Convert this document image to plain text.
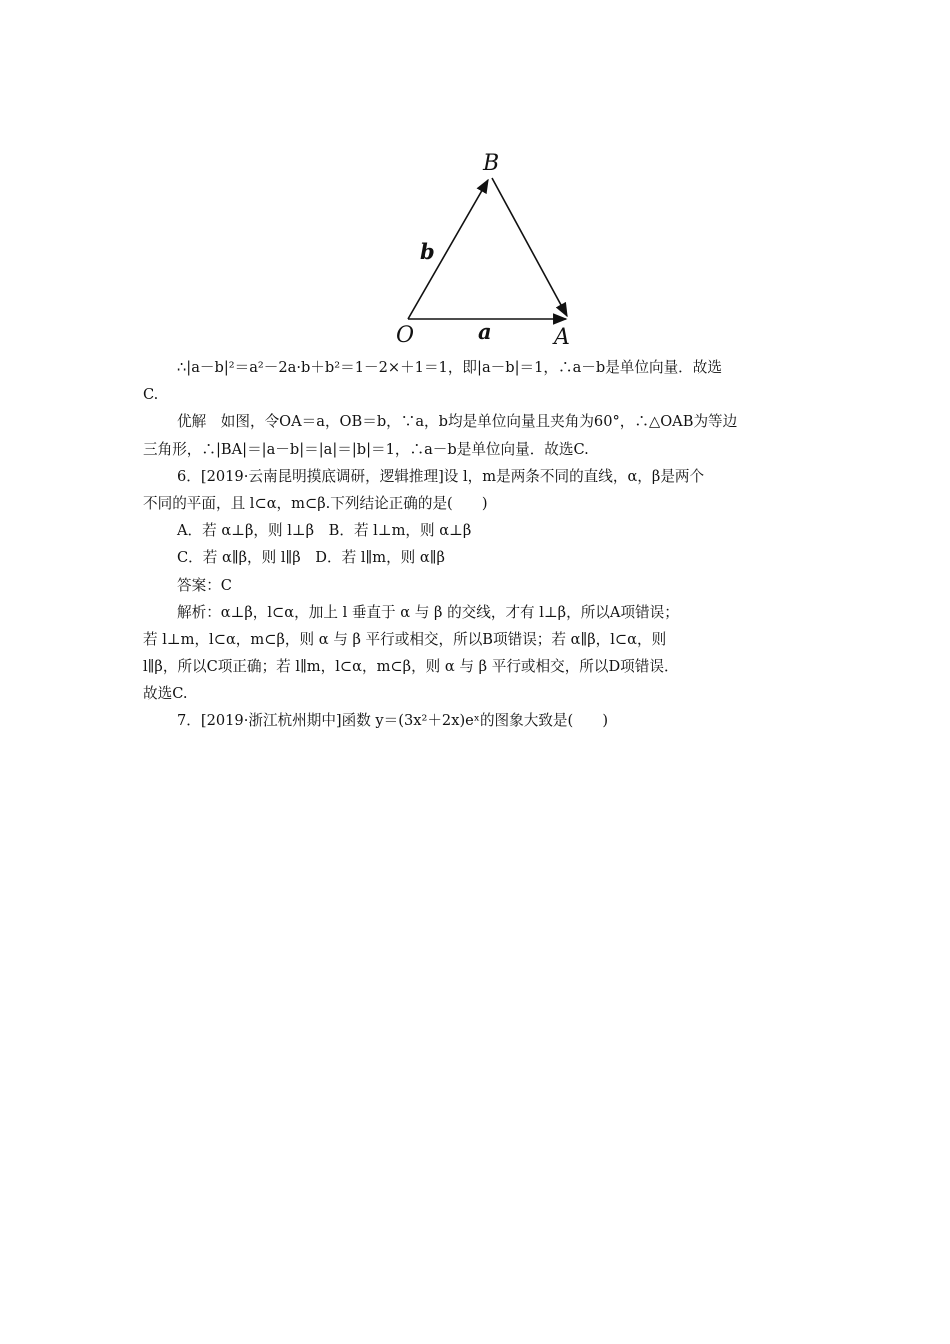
B
O	A
b
a
∴|a－b|²＝a²－2a·b＋b²＝1－2×＋1＝1，即|a－b|＝1，∴a－b是单位向量．故选
C.
优解　如图，令OA＝a，OB＝b，∵a，b均是单位向量且夹角为60°，∴△OAB为等边
三角形，∴|BA|＝|a－b|＝|a|＝|b|＝1，∴a－b是单位向量．故选C.
6．[2019·云南昆明摸底调研，逻辑推理]设 l，m是两条不同的直线，α，β是两个
不同的平面，且 l⊂α，m⊂β.下列结论正确的是(　　)
A．若 α⊥β，则 l⊥β　B．若 l⊥m，则 α⊥β
C．若 α∥β，则 l∥β　D．若 l∥m，则 α∥β
答案：C
解析：α⊥β，l⊂α，加上 l 垂直于 α 与 β 的交线，才有 l⊥β，所以A项错误；
若 l⊥m，l⊂α，m⊂β，则 α 与 β 平行或相交，所以B项错误；若 α∥β，l⊂α，则
l∥β，所以C项正确；若 l∥m，l⊂α，m⊂β，则 α 与 β 平行或相交，所以D项错误．
故选C.
7．[2019·浙江杭州期中]函数 y＝(3x²＋2x)eˣ的图象大致是(　　)
